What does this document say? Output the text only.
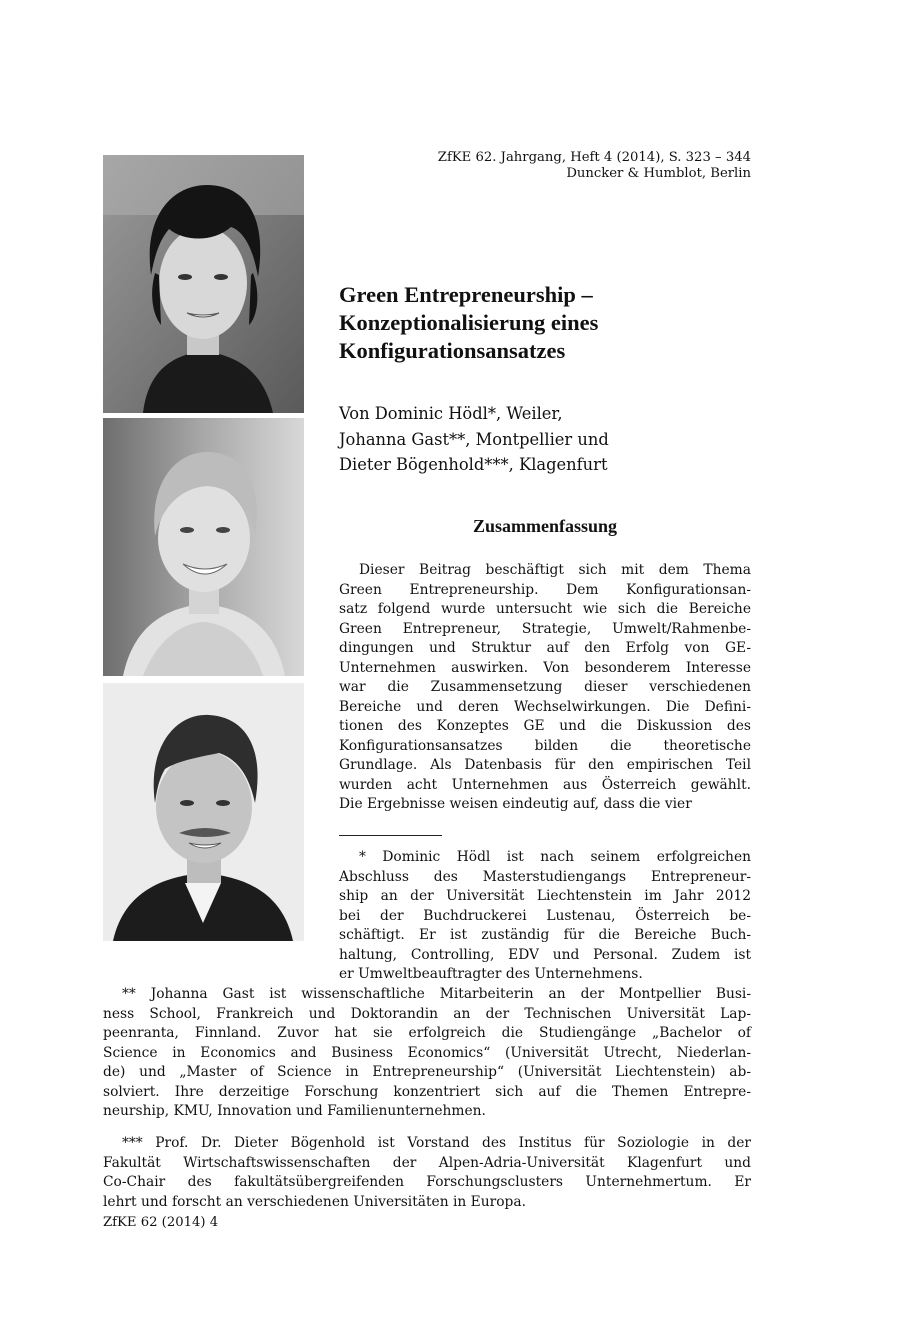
ZfKE 62. Jahrgang, Heft 4 (2014), S. 323 – 344
Duncker & Humblot, Berlin
Green Entrepreneurship –
Konzeptionalisierung eines
Konfigurationsansatzes
Von Dominic Hödl*, Weiler,
Johanna Gast**, Montpellier und
Dieter Bögenhold***, Klagenfurt
Zusammenfassung
Dieser Beitrag beschäftigt sich mit dem Thema
Green Entrepreneurship. Dem Konfigurationsan-
satz folgend wurde untersucht wie sich die Bereiche
Green Entrepreneur, Strategie, Umwelt/Rahmenbe-
dingungen und Struktur auf den Erfolg von GE-
Unternehmen auswirken. Von besonderem Interesse
war die Zusammensetzung dieser verschiedenen
Bereiche und deren Wechselwirkungen. Die Defini-
tionen des Konzeptes GE und die Diskussion des
Konfigurationsansatzes bilden die theoretische
Grundlage. Als Datenbasis für den empirischen Teil
wurden acht Unternehmen aus Österreich gewählt.
Die Ergebnisse weisen eindeutig auf, dass die vier
* Dominic Hödl ist nach seinem erfolgreichen
Abschluss des Masterstudiengangs Entrepreneur-
ship an der Universität Liechtenstein im Jahr 2012
bei der Buchdruckerei Lustenau, Österreich be-
schäftigt. Er ist zuständig für die Bereiche Buch-
haltung, Controlling, EDV und Personal. Zudem ist
er Umweltbeauftragter des Unternehmens.
** Johanna Gast ist wissenschaftliche Mitarbeiterin an der Montpellier Busi-
ness School, Frankreich und Doktorandin an der Technischen Universität Lap-
peenranta, Finnland. Zuvor hat sie erfolgreich die Studiengänge „Bachelor of
Science in Economics and Business Economics“ (Universität Utrecht, Niederlan-
de) und „Master of Science in Entrepreneurship“ (Universität Liechtenstein) ab-
solviert. Ihre derzeitige Forschung konzentriert sich auf die Themen Entrepre-
neurship, KMU, Innovation und Familienunternehmen.
*** Prof. Dr. Dieter Bögenhold ist Vorstand des Institus für Soziologie in der
Fakultät Wirtschaftswissenschaften der Alpen-Adria-Universität Klagenfurt und
Co-Chair des fakultätsübergreifenden Forschungsclusters Unternehmertum. Er
lehrt und forscht an verschiedenen Universitäten in Europa.
ZfKE 62 (2014) 4
